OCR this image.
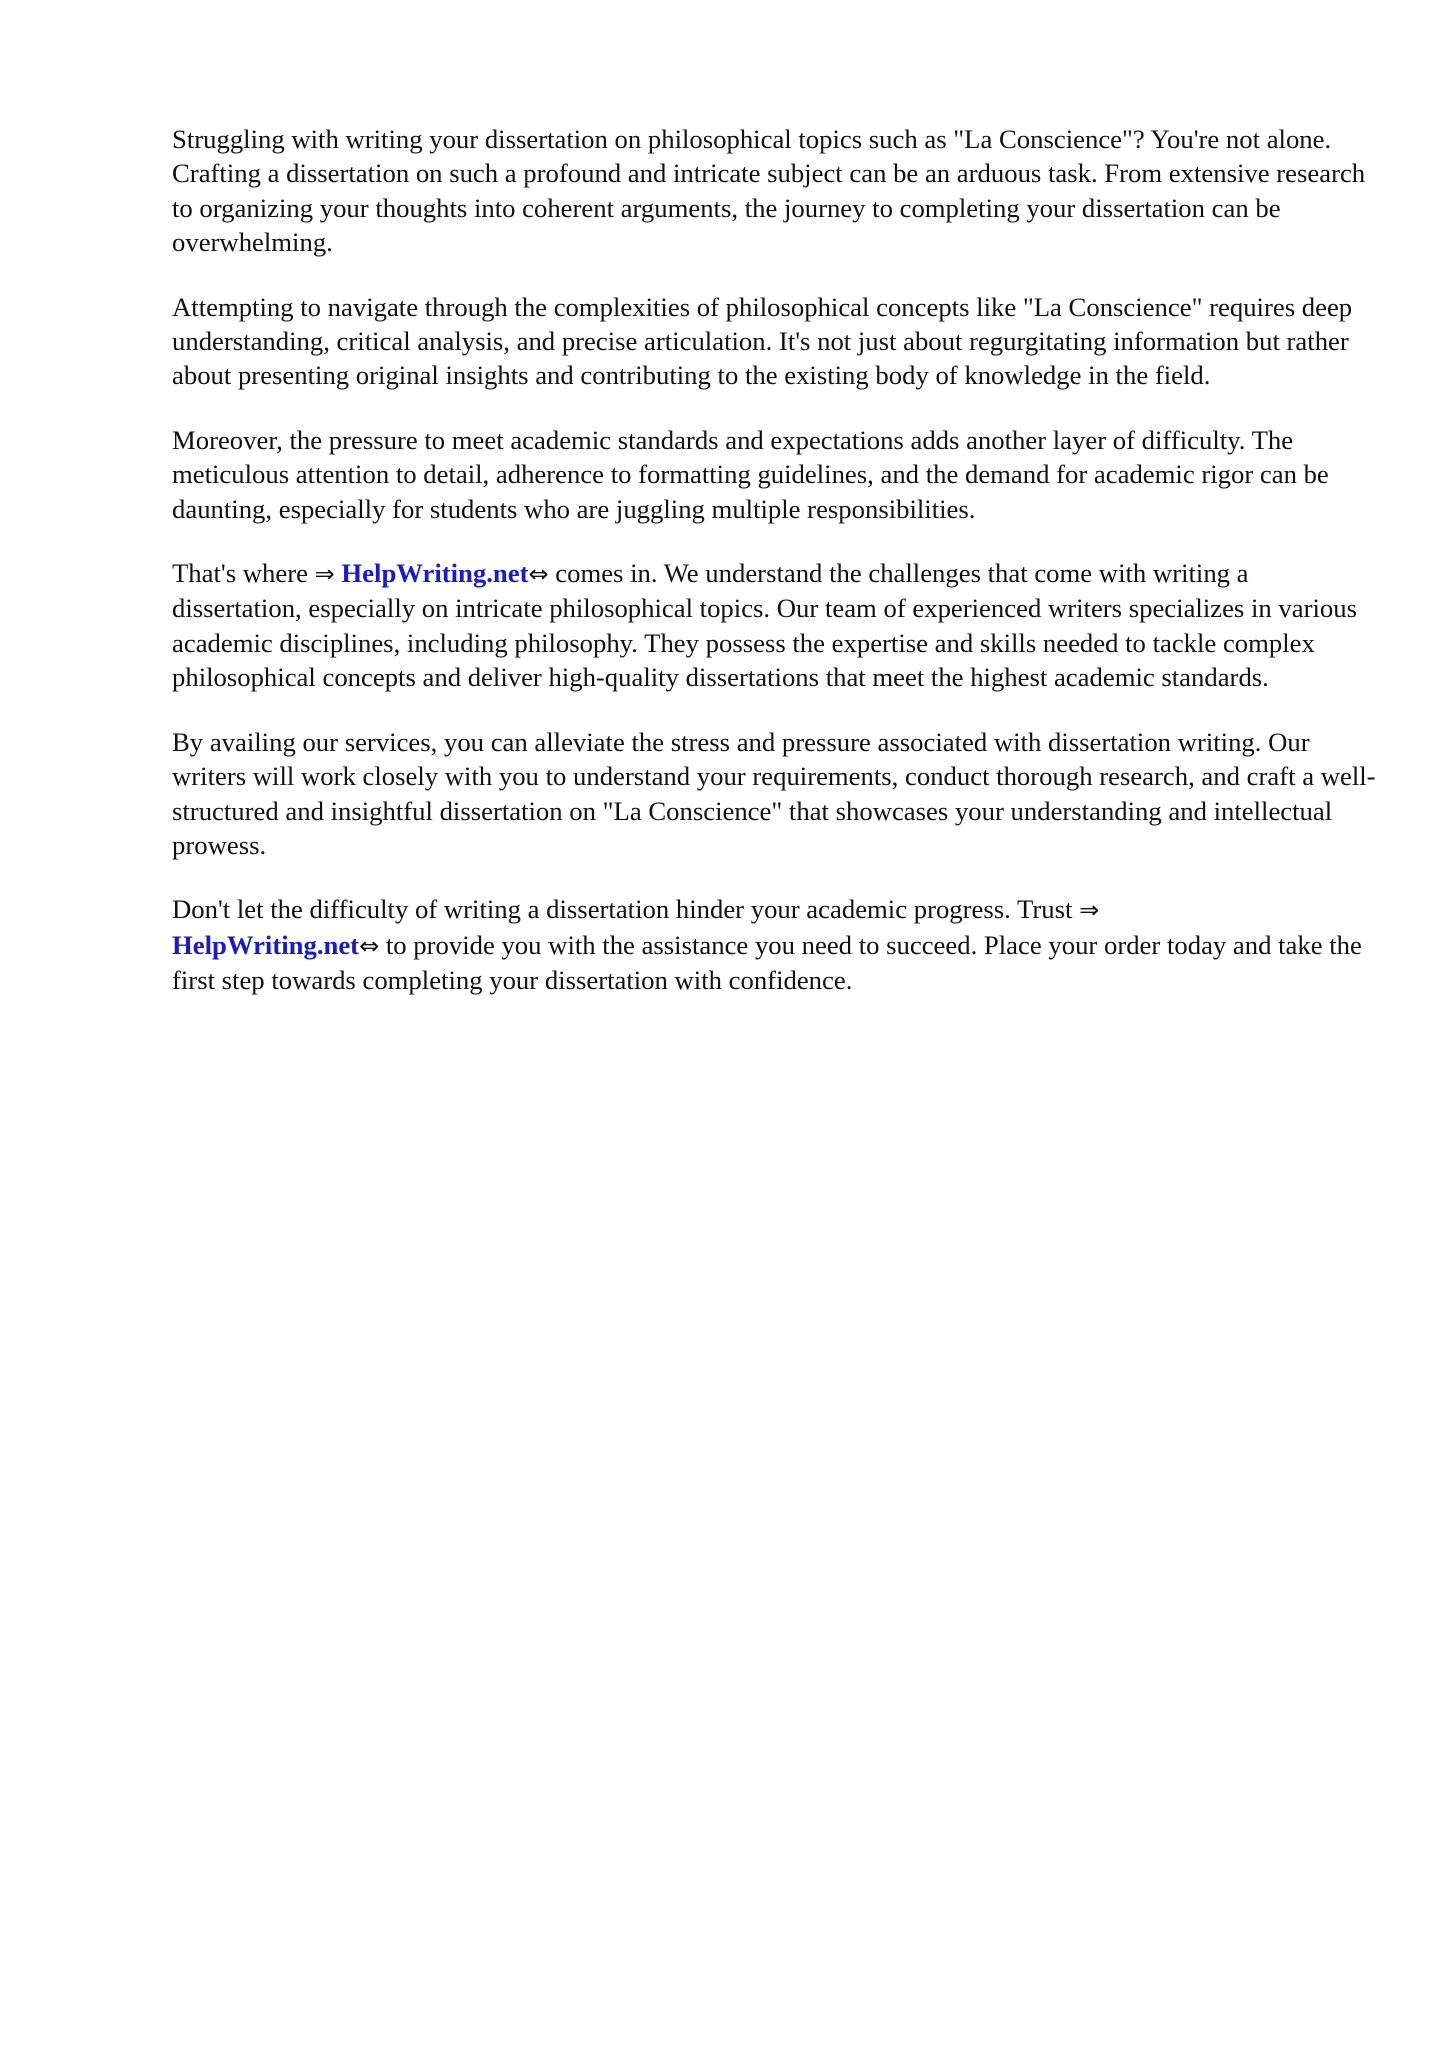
Struggling with writing your dissertation on philosophical topics such as "La Conscience"? You're not alone. Crafting a dissertation on such a profound and intricate subject can be an arduous task. From extensive research to organizing your thoughts into coherent arguments, the journey to completing your dissertation can be overwhelming.

Attempting to navigate through the complexities of philosophical concepts like "La Conscience" requires deep understanding, critical analysis, and precise articulation. It's not just about regurgitating information but rather about presenting original insights and contributing to the existing body of knowledge in the field.

Moreover, the pressure to meet academic standards and expectations adds another layer of difficulty. The meticulous attention to detail, adherence to formatting guidelines, and the demand for academic rigor can be daunting, especially for students who are juggling multiple responsibilities.

That's where ⇒ HelpWriting.net⇔ comes in. We understand the challenges that come with writing a dissertation, especially on intricate philosophical topics. Our team of experienced writers specializes in various academic disciplines, including philosophy. They possess the expertise and skills needed to tackle complex philosophical concepts and deliver high-quality dissertations that meet the highest academic standards.

By availing our services, you can alleviate the stress and pressure associated with dissertation writing. Our writers will work closely with you to understand your requirements, conduct thorough research, and craft a well-structured and insightful dissertation on "La Conscience" that showcases your understanding and intellectual prowess.

Don't let the difficulty of writing a dissertation hinder your academic progress. Trust ⇒
HelpWriting.net⇔ to provide you with the assistance you need to succeed. Place your order today and take the first step towards completing your dissertation with confidence.
